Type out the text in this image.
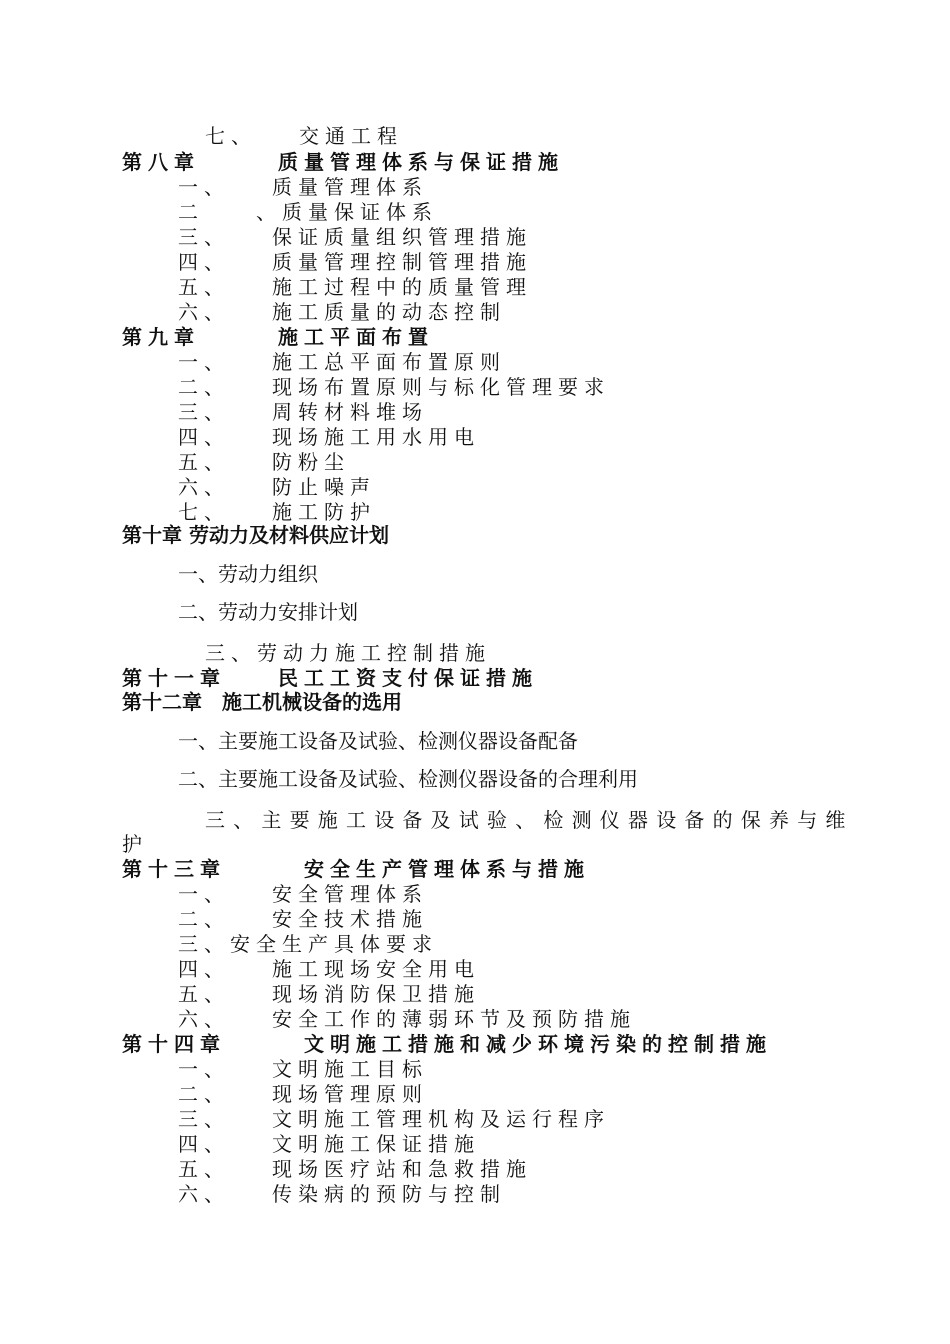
七、　　交通工程
第八章　　　质量管理体系与保证措施
一、　　质量管理体系
二　　、质量保证体系
三、　　保证质量组织管理措施
四、　　质量管理控制管理措施
五、　　施工过程中的质量管理
六、　　施工质量的动态控制
第九章　　　施工平面布置
一、　　施工总平面布置原则
二、　　现场布置原则与标化管理要求
三、　　周转材料堆场
四、　　现场施工用水用电
五、　　防粉尘
六、　　防止噪声
七、　　施工防护
第十章 劳动力及材料供应计划
一、劳动力组织
二、劳动力安排计划
三、劳动力施工控制措施
第十一章　　民工工资支付保证措施
第十二章　施工机械设备的选用
一、主要施工设备及试验、检测仪器设备配备
二、主要施工设备及试验、检测仪器设备的合理利用
三、主要施工设备及试验、检测仪器设备的保养与维
护
第十三章　　　安全生产管理体系与措施
一、　　安全管理体系
二、　　安全技术措施
三、安全生产具体要求
四、　　施工现场安全用电
五、　　现场消防保卫措施
六、　　安全工作的薄弱环节及预防措施
第十四章　　　文明施工措施和减少环境污染的控制措施
一、　　文明施工目标
二、　　现场管理原则
三、　　文明施工管理机构及运行程序
四、　　文明施工保证措施
五、　　现场医疗站和急救措施
六、　　传染病的预防与控制
